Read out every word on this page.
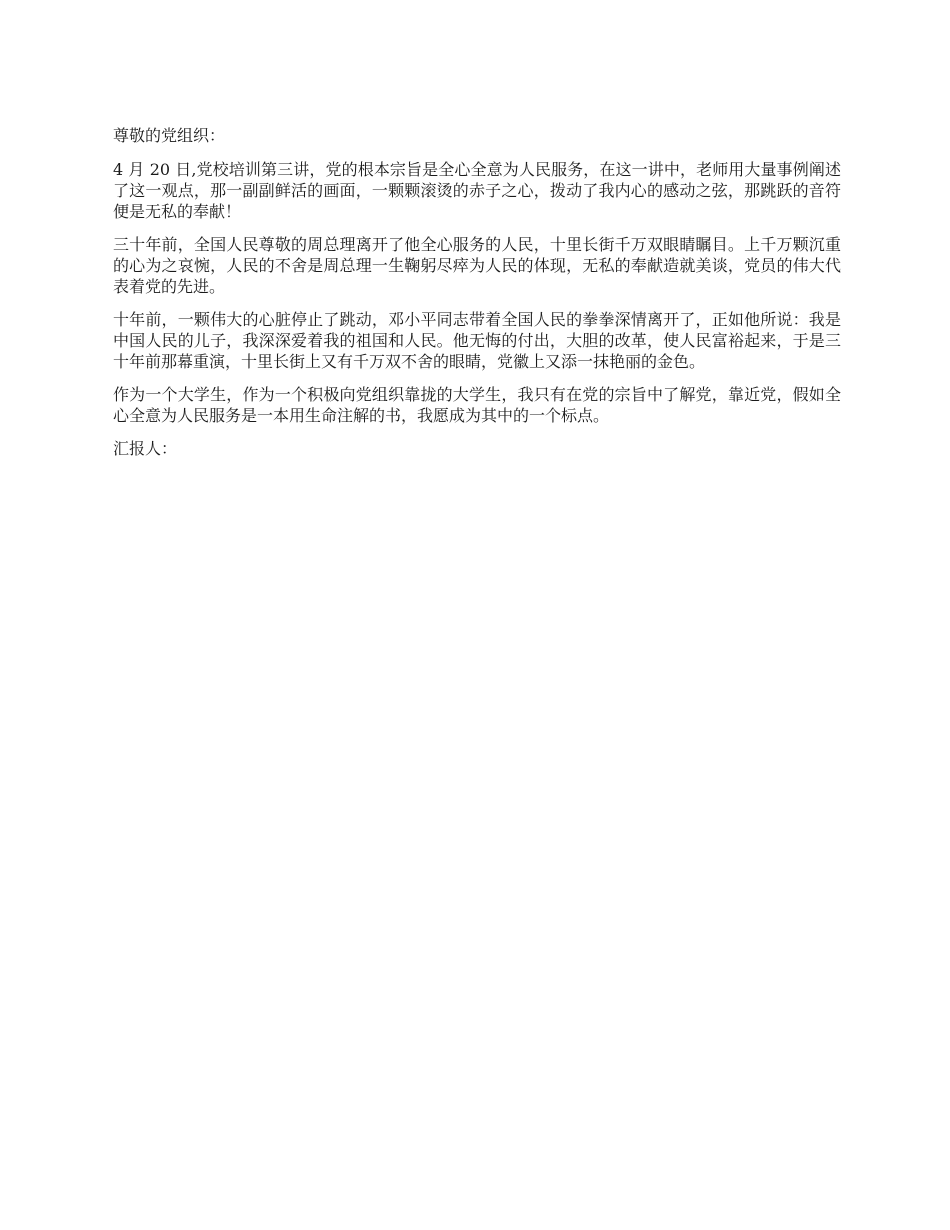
尊敬的党组织：

4 月 20 日,党校培训第三讲，党的根本宗旨是全心全意为人民服务，在这一讲中，老师用大量事例阐述了这一观点，那一副副鲜活的画面，一颗颗滚烫的赤子之心，拨动了我内心的感动之弦，那跳跃的音符便是无私的奉献！

三十年前，全国人民尊敬的周总理离开了他全心服务的人民，十里长街千万双眼睛瞩目。上千万颗沉重的心为之哀惋，人民的不舍是周总理一生鞠躬尽瘁为人民的体现，无私的奉献造就美谈，党员的伟大代表着党的先进。

十年前，一颗伟大的心脏停止了跳动，邓小平同志带着全国人民的拳拳深情离开了，正如他所说：我是中国人民的儿子，我深深爱着我的祖国和人民。他无悔的付出，大胆的改革，使人民富裕起来，于是三十年前那幕重演，十里长街上又有千万双不舍的眼睛，党徽上又添一抹艳丽的金色。

作为一个大学生，作为一个积极向党组织靠拢的大学生，我只有在党的宗旨中了解党，靠近党，假如全心全意为人民服务是一本用生命注解的书，我愿成为其中的一个标点。

汇报人：
